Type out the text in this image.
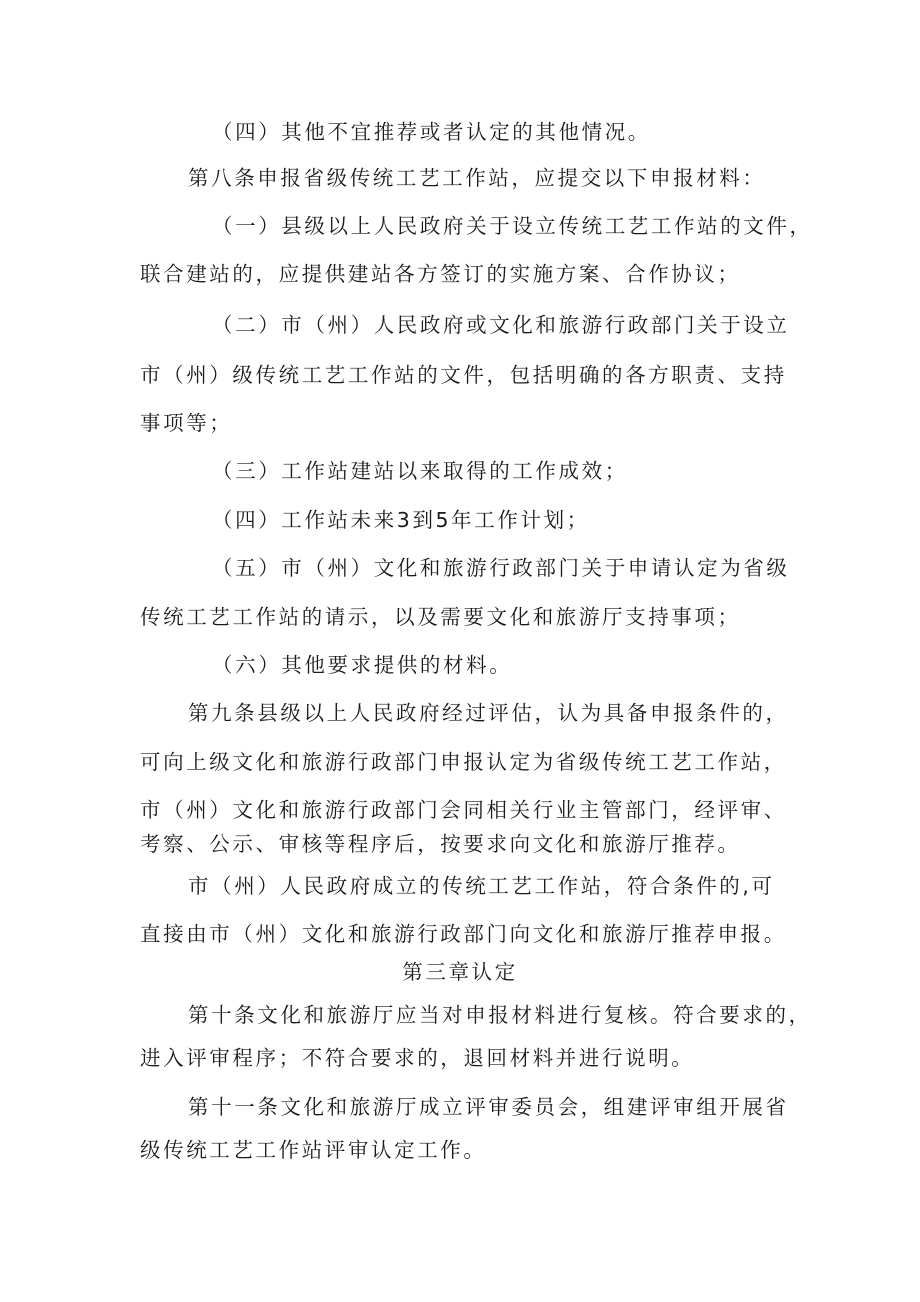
（四）其他不宜推荐或者认定的其他情况。
第八条申报省级传统工艺工作站，应提交以下申报材料：
（一）县级以上人民政府关于设立传统工艺工作站的文件，
联合建站的，应提供建站各方签订的实施方案、合作协议；
（二）市（州）人民政府或文化和旅游行政部门关于设立
市（州）级传统工艺工作站的文件，包括明确的各方职责、支持
事项等；
（三）工作站建站以来取得的工作成效；
（四）工作站未来3到5年工作计划；
（五）市（州）文化和旅游行政部门关于申请认定为省级
传统工艺工作站的请示，以及需要文化和旅游厅支持事项；
（六）其他要求提供的材料。
第九条县级以上人民政府经过评估，认为具备申报条件的，
可向上级文化和旅游行政部门申报认定为省级传统工艺工作站，
市（州）文化和旅游行政部门会同相关行业主管部门，经评审、
考察、公示、审核等程序后，按要求向文化和旅游厅推荐。
市（州）人民政府成立的传统工艺工作站，符合条件的,可
直接由市（州）文化和旅游行政部门向文化和旅游厅推荐申报。
第三章认定
第十条文化和旅游厅应当对申报材料进行复核。符合要求的，
进入评审程序；不符合要求的，退回材料并进行说明。
第十一条文化和旅游厅成立评审委员会，组建评审组开展省
级传统工艺工作站评审认定工作。
